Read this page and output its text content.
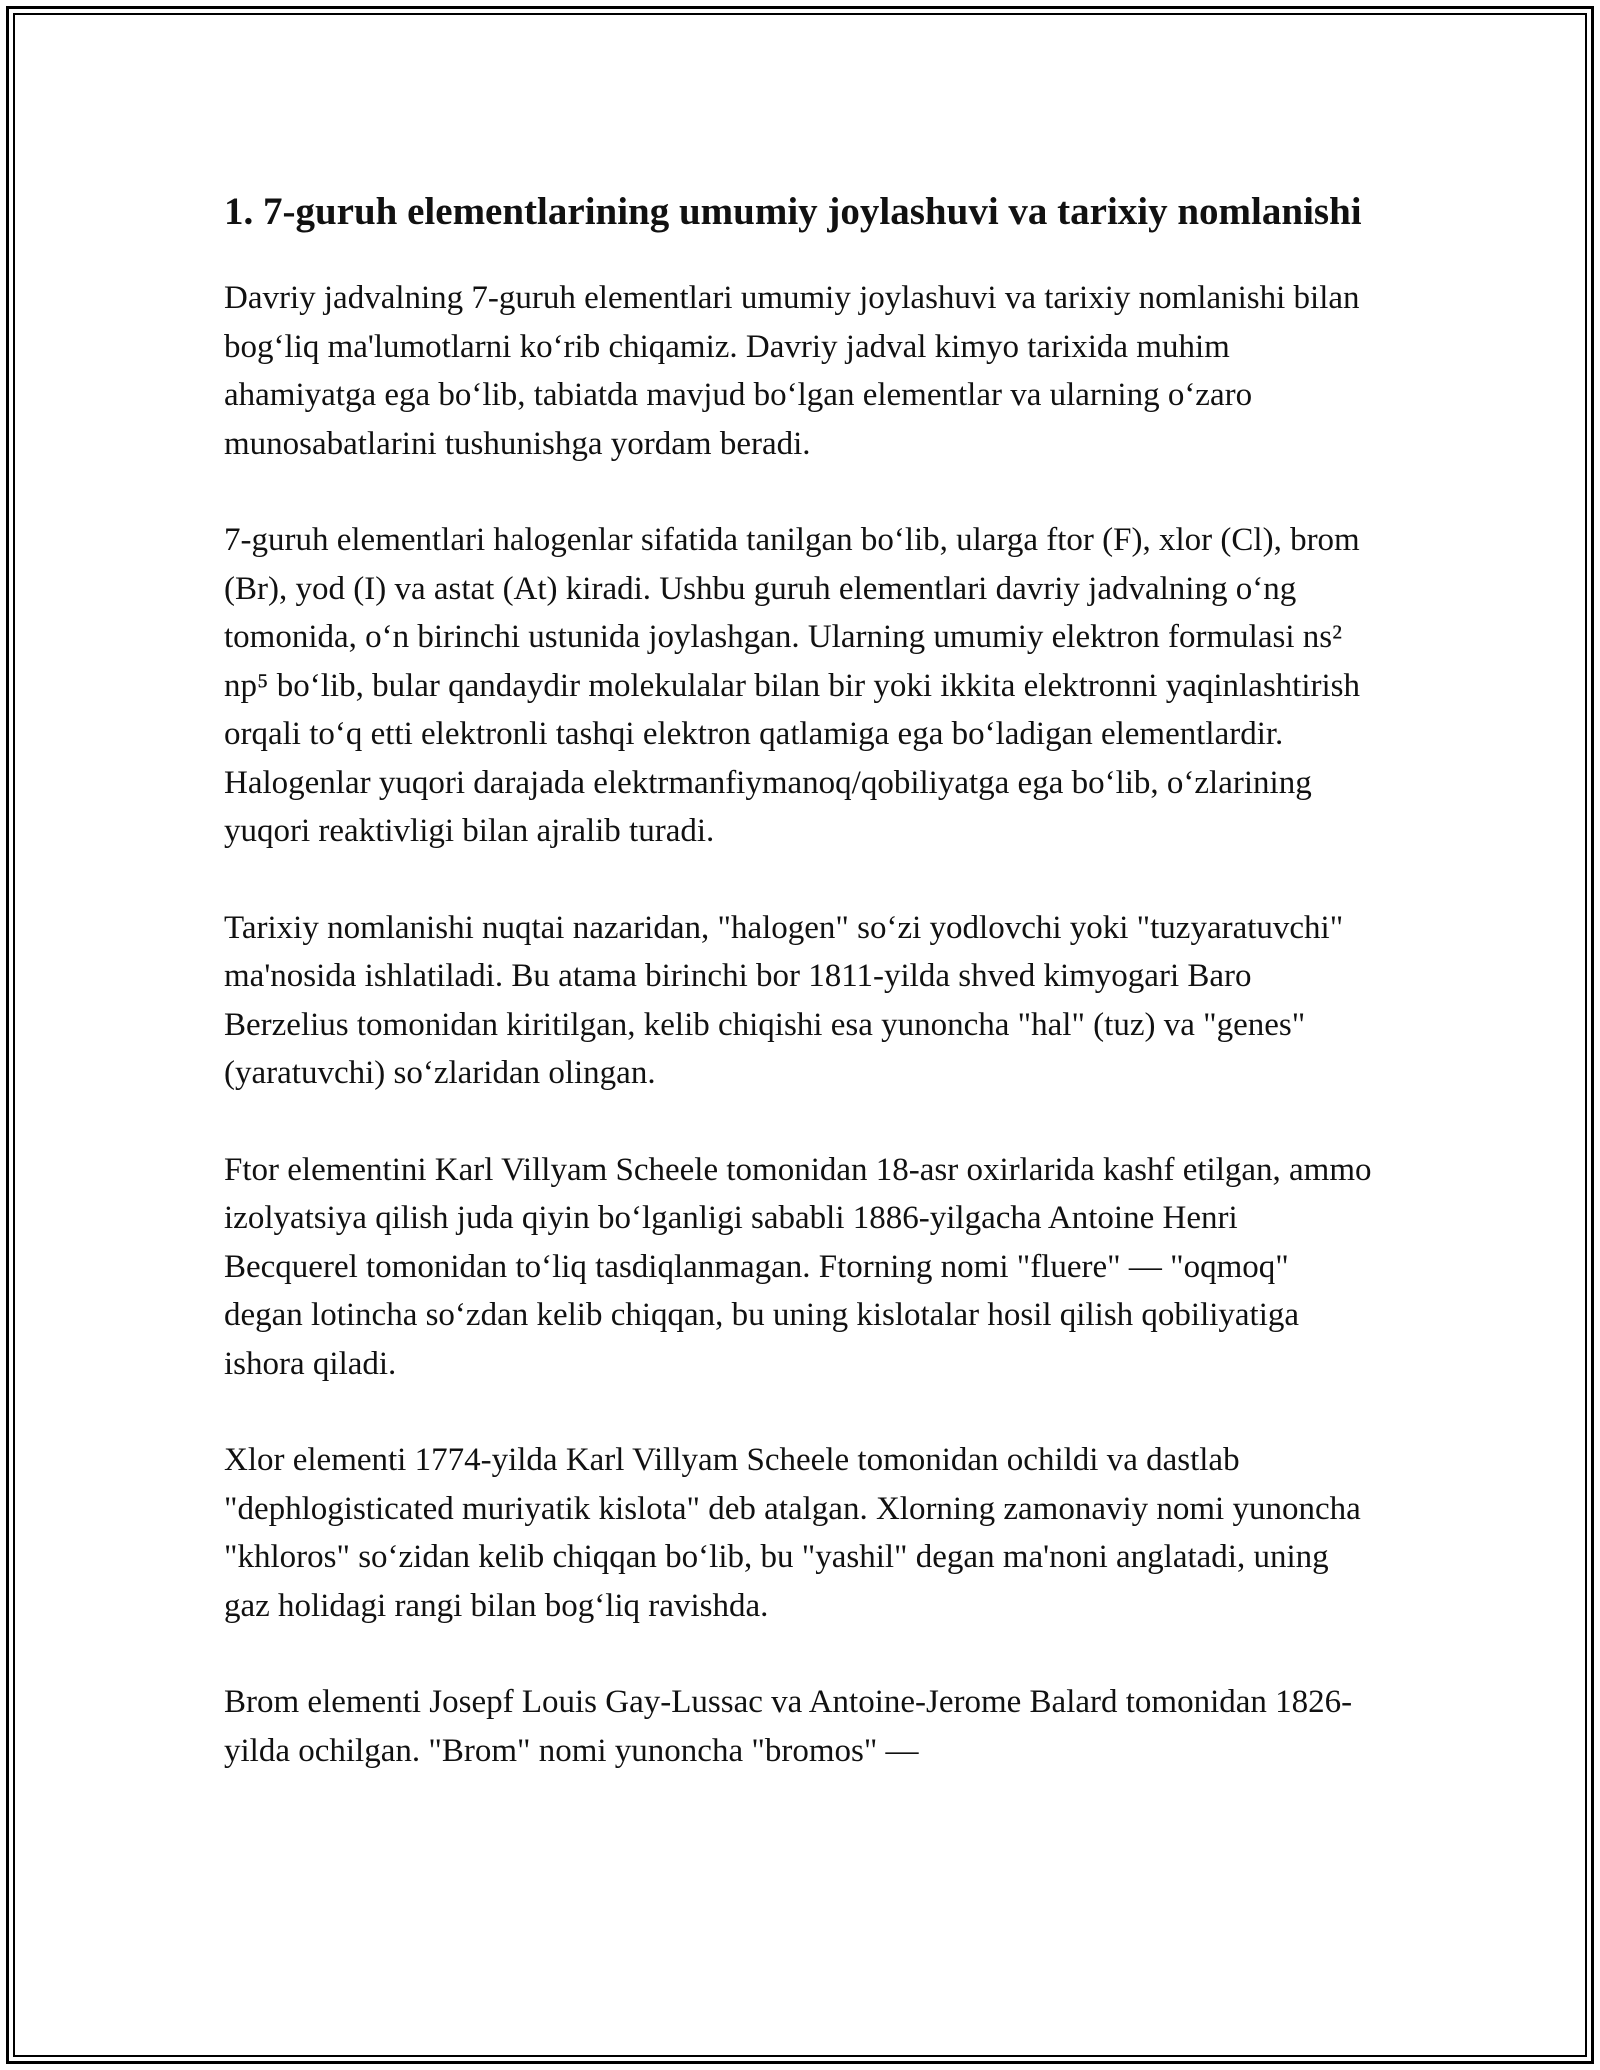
1. 7-guruh elementlarining umumiy joylashuvi va tarixiy nomlanishi

Davriy jadvalning 7-guruh elementlari umumiy joylashuvi va tarixiy nomlanishi bilan bog‘liq ma'lumotlarni ko‘rib chiqamiz. Davriy jadval kimyo tarixida muhim ahamiyatga ega bo‘lib, tabiatda mavjud bo‘lgan elementlar va ularning o‘zaro munosabatlarini tushunishga yordam beradi.

7-guruh elementlari halogenlar sifatida tanilgan bo‘lib, ularga ftor (F), xlor (Cl), brom (Br), yod (I) va astat (At) kiradi. Ushbu guruh elementlari davriy jadvalning o‘ng tomonida, o‘n birinchi ustunida joylashgan. Ularning umumiy elektron formulasi ns² np⁵ bo‘lib, bular qandaydir molekulalar bilan bir yoki ikkita elektronni yaqinlashtirish orqali to‘q etti elektronli tashqi elektron qatlamiga ega bo‘ladigan elementlardir. Halogenlar yuqori darajada elektrmanfiymanoq/qobiliyatga ega bo‘lib, o‘zlarining yuqori reaktivligi bilan ajralib turadi.

Tarixiy nomlanishi nuqtai nazaridan, "halogen" so‘zi yodlovchi yoki "tuzyaratuvchi" ma'nosida ishlatiladi. Bu atama birinchi bor 1811-yilda shved kimyogari Baro Berzelius tomonidan kiritilgan, kelib chiqishi esa yunoncha "hal" (tuz) va "genes" (yaratuvchi) so‘zlaridan olingan.

Ftor elementini Karl Villyam Scheele tomonidan 18-asr oxirlarida kashf etilgan, ammo izolyatsiya qilish juda qiyin bo‘lganligi sababli 1886-yilgacha Antoine Henri Becquerel tomonidan to‘liq tasdiqlanmagan. Ftorning nomi "fluere" — "oqmoq" degan lotincha so‘zdan kelib chiqqan, bu uning kislotalar hosil qilish qobiliyatiga ishora qiladi.

Xlor elementi 1774-yilda Karl Villyam Scheele tomonidan ochildi va dastlab "dephlogisticated muriyatik kislota" deb atalgan. Xlorning zamonaviy nomi yunoncha "khloros" so‘zidan kelib chiqqan bo‘lib, bu "yashil" degan ma'noni anglatadi, uning gaz holidagi rangi bilan bog‘liq ravishda.

Brom elementi Josepf Louis Gay-Lussac va Antoine-Jerome Balard tomonidan 1826-yilda ochilgan. "Brom" nomi yunoncha "bromos" —
